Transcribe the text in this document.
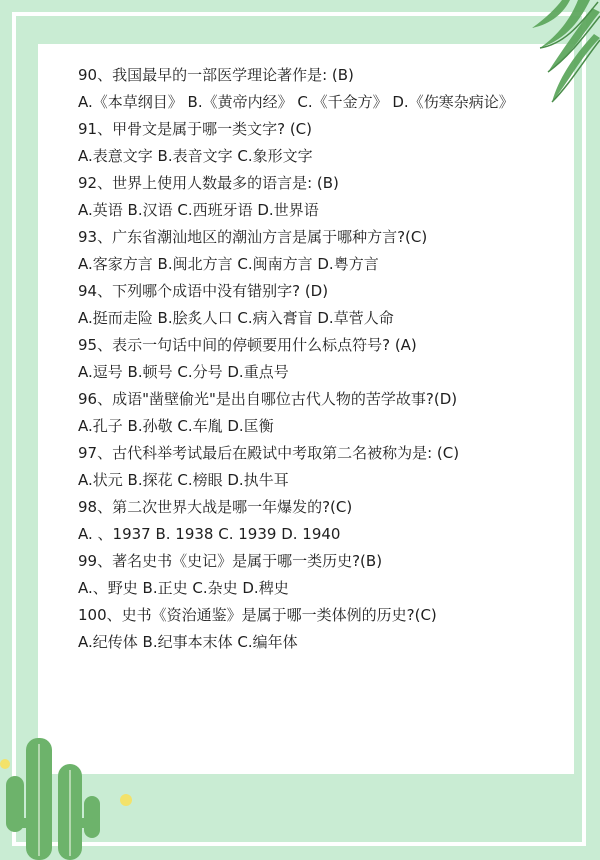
90、我国最早的一部医学理论著作是: (B)
A.《本草纲目》 B.《黄帝内经》 C.《千金方》 D.《伤寒杂病论》
91、甲骨文是属于哪一类文字? (C)
A.表意文字 B.表音文字 C.象形文字
92、世界上使用人数最多的语言是: (B)
A.英语 B.汉语 C.西班牙语 D.世界语
93、广东省潮汕地区的潮汕方言是属于哪种方言?(C)
A.客家方言 B.闽北方言 C.闽南方言 D.粤方言
94、下列哪个成语中没有错别字? (D)
A.挺而走险 B.脍炙人口 C.病入膏盲 D.草菅人命
95、表示一句话中间的停顿要用什么标点符号? (A)
A.逗号 B.顿号 C.分号 D.重点号
96、成语"凿壁偷光"是出自哪位古代人物的苦学故事?(D)
A.孔子 B.孙敬 C.车胤 D.匡衡
97、古代科举考试最后在殿试中考取第二名被称为是: (C)
A.状元 B.探花 C.榜眼 D.执牛耳
98、第二次世界大战是哪一年爆发的?(C)
A. 、1937 B. 1938 C. 1939 D. 1940
99、著名史书《史记》是属于哪一类历史?(B)
A.、野史 B.正史 C.杂史 D.稗史
100、史书《资治通鉴》是属于哪一类体例的历史?(C)
A.纪传体 B.纪事本末体 C.编年体
